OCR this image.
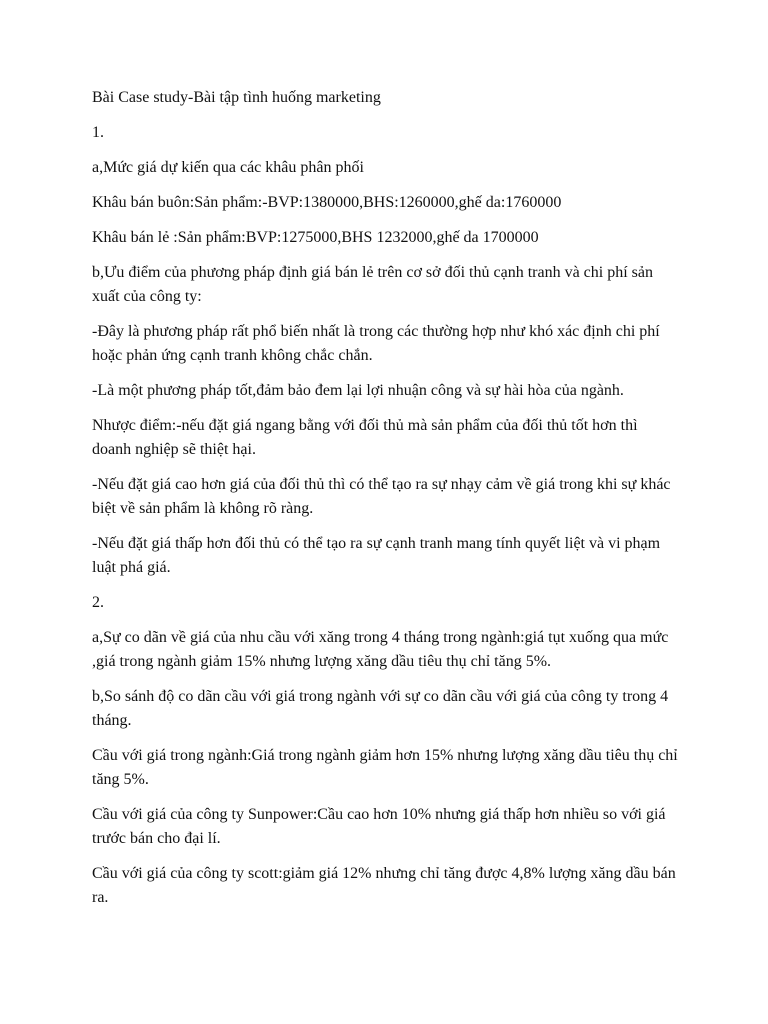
Bài Case study-Bài tập tình huống marketing

1.

a,Mức giá dự kiến qua các khâu phân phối

Khâu bán buôn:Sản phẩm:-BVP:1380000,BHS:1260000,ghế da:1760000

Khâu bán lẻ :Sản phẩm:BVP:1275000,BHS 1232000,ghế da 1700000

b,Ưu điểm của phương pháp định giá bán lẻ trên cơ sở đối thủ cạnh tranh và chi phí sản xuất của công ty:

-Đây là phương pháp rất phổ biến nhất là trong các thường hợp như khó xác định chi phí hoặc phản ứng cạnh tranh không chắc chắn.

-Là một phương pháp tốt,đảm bảo đem lại lợi nhuận công và sự hài hòa của ngành.

Nhược điểm:-nếu đặt giá ngang bằng với đối thủ mà sản phẩm của đối thủ tốt hơn thì doanh nghiệp sẽ thiệt hại.

-Nếu đặt giá cao hơn giá của đối thủ thì có thể tạo ra sự nhạy cảm về giá trong khi sự khác biệt về sản phẩm là không rõ ràng.

-Nếu đặt giá thấp hơn đối thủ có thể tạo ra sự cạnh tranh mang tính quyết liệt và vi phạm luật phá giá.

2.

a,Sự co dãn về giá của nhu cầu với xăng trong 4 tháng trong ngành:giá tụt xuống qua mức ,giá trong ngành giảm 15% nhưng lượng xăng dầu tiêu thụ chỉ tăng 5%.

b,So sánh độ co dãn cầu với giá trong ngành với sự co dãn cầu với giá của công ty trong 4 tháng.

Cầu với giá trong ngành:Giá trong ngành giảm hơn 15% nhưng lượng xăng dầu tiêu thụ chỉ tăng 5%.

Cầu với giá của công ty Sunpower:Cầu cao hơn 10% nhưng giá thấp hơn nhiều so với giá trước bán cho đại lí.

Cầu với giá của công ty scott:giảm giá 12% nhưng chỉ tăng được 4,8% lượng xăng dầu bán ra.
